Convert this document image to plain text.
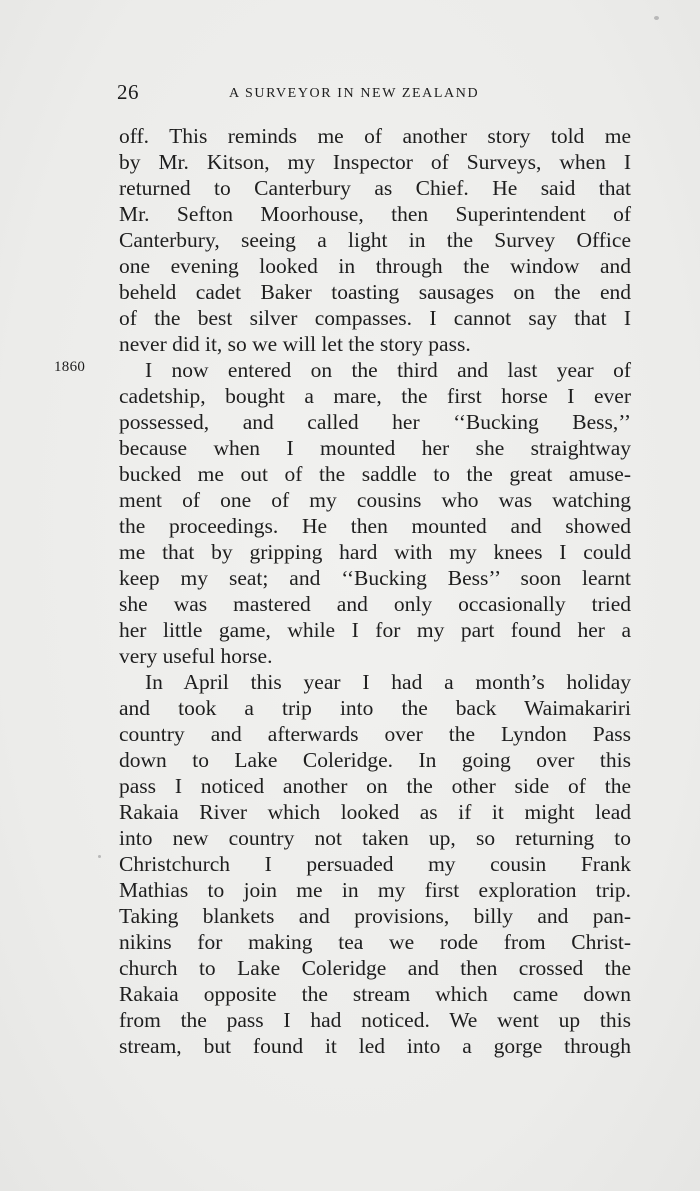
26	A SURVEYOR IN NEW ZEALAND
1860
off. This reminds me of another story told me
by Mr. Kitson, my Inspector of Surveys, when I
returned to Canterbury as Chief. He said that
Mr. Sefton Moorhouse, then Superintendent of
Canterbury, seeing a light in the Survey Office
one evening looked in through the window and
beheld cadet Baker toasting sausages on the end
of the best silver compasses. I cannot say that I
never did it, so we will let the story pass.
I now entered on the third and last year of
cadetship, bought a mare, the first horse I ever
possessed, and called her ‘‘Bucking Bess,’’
because when I mounted her she straightway
bucked me out of the saddle to the great amuse-
ment of one of my cousins who was watching
the proceedings. He then mounted and showed
me that by gripping hard with my knees I could
keep my seat; and ‘‘Bucking Bess’’ soon learnt
she was mastered and only occasionally tried
her little game, while I for my part found her a
very useful horse.
In April this year I had a month’s holiday
and took a trip into the back Waimakariri
country and afterwards over the Lyndon Pass
down to Lake Coleridge. In going over this
pass I noticed another on the other side of the
Rakaia River which looked as if it might lead
into new country not taken up, so returning to
Christchurch I persuaded my cousin Frank
Mathias to join me in my first exploration trip.
Taking blankets and provisions, billy and pan-
nikins for making tea we rode from Christ-
church to Lake Coleridge and then crossed the
Rakaia opposite the stream which came down
from the pass I had noticed. We went up this
stream, but found it led into a gorge through
